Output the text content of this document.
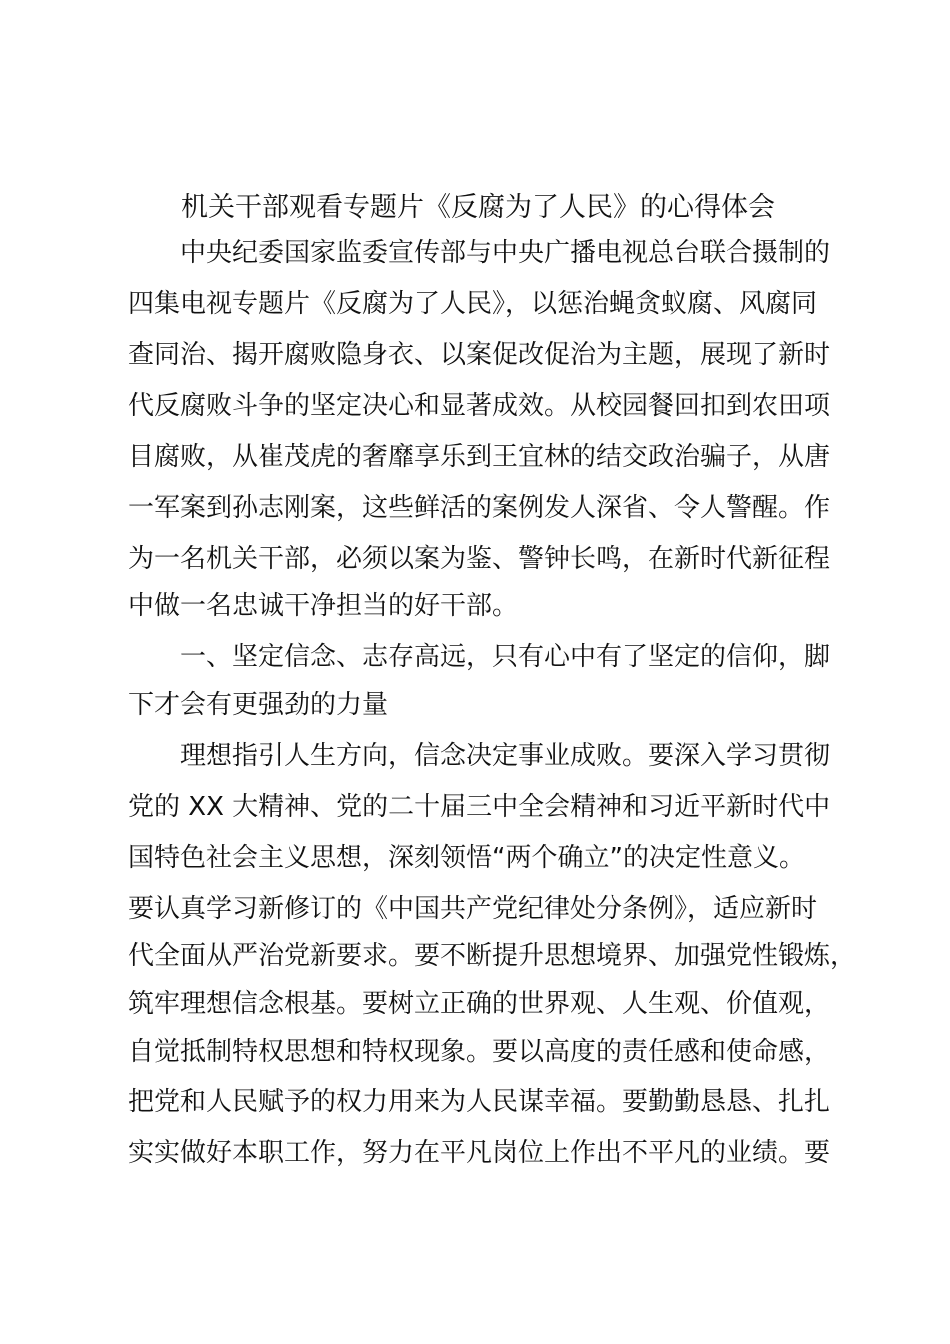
机关干部观看专题片《反腐为了人民》的心得体会

中央纪委国家监委宣传部与中央广播电视总台联合摄制的

四集电视专题片《反腐为了人民》，以惩治蝇贪蚁腐、风腐同

查同治、揭开腐败隐身衣、以案促改促治为主题，展现了新时

代反腐败斗争的坚定决心和显著成效。从校园餐回扣到农田项

目腐败，从崔茂虎的奢靡享乐到王宜林的结交政治骗子，从唐

一军案到孙志刚案，这些鲜活的案例发人深省、令人警醒。作

为一名机关干部，必须以案为鉴、警钟长鸣，在新时代新征程

中做一名忠诚干净担当的好干部。

一、坚定信念、志存高远，只有心中有了坚定的信仰，脚

下才会有更强劲的力量

理想指引人生方向，信念决定事业成败。要深入学习贯彻

党的 XX 大精神、党的二十届三中全会精神和习近平新时代中

国特色社会主义思想，深刻领悟“两个确立”的决定性意义。

要认真学习新修订的《中国共产党纪律处分条例》，适应新时

代全面从严治党新要求。要不断提升思想境界、加强党性锻炼，

筑牢理想信念根基。要树立正确的世界观、人生观、价值观，

自觉抵制特权思想和特权现象。要以高度的责任感和使命感，

把党和人民赋予的权力用来为人民谋幸福。要勤勤恳恳、扎扎

实实做好本职工作，努力在平凡岗位上作出不平凡的业绩。要
